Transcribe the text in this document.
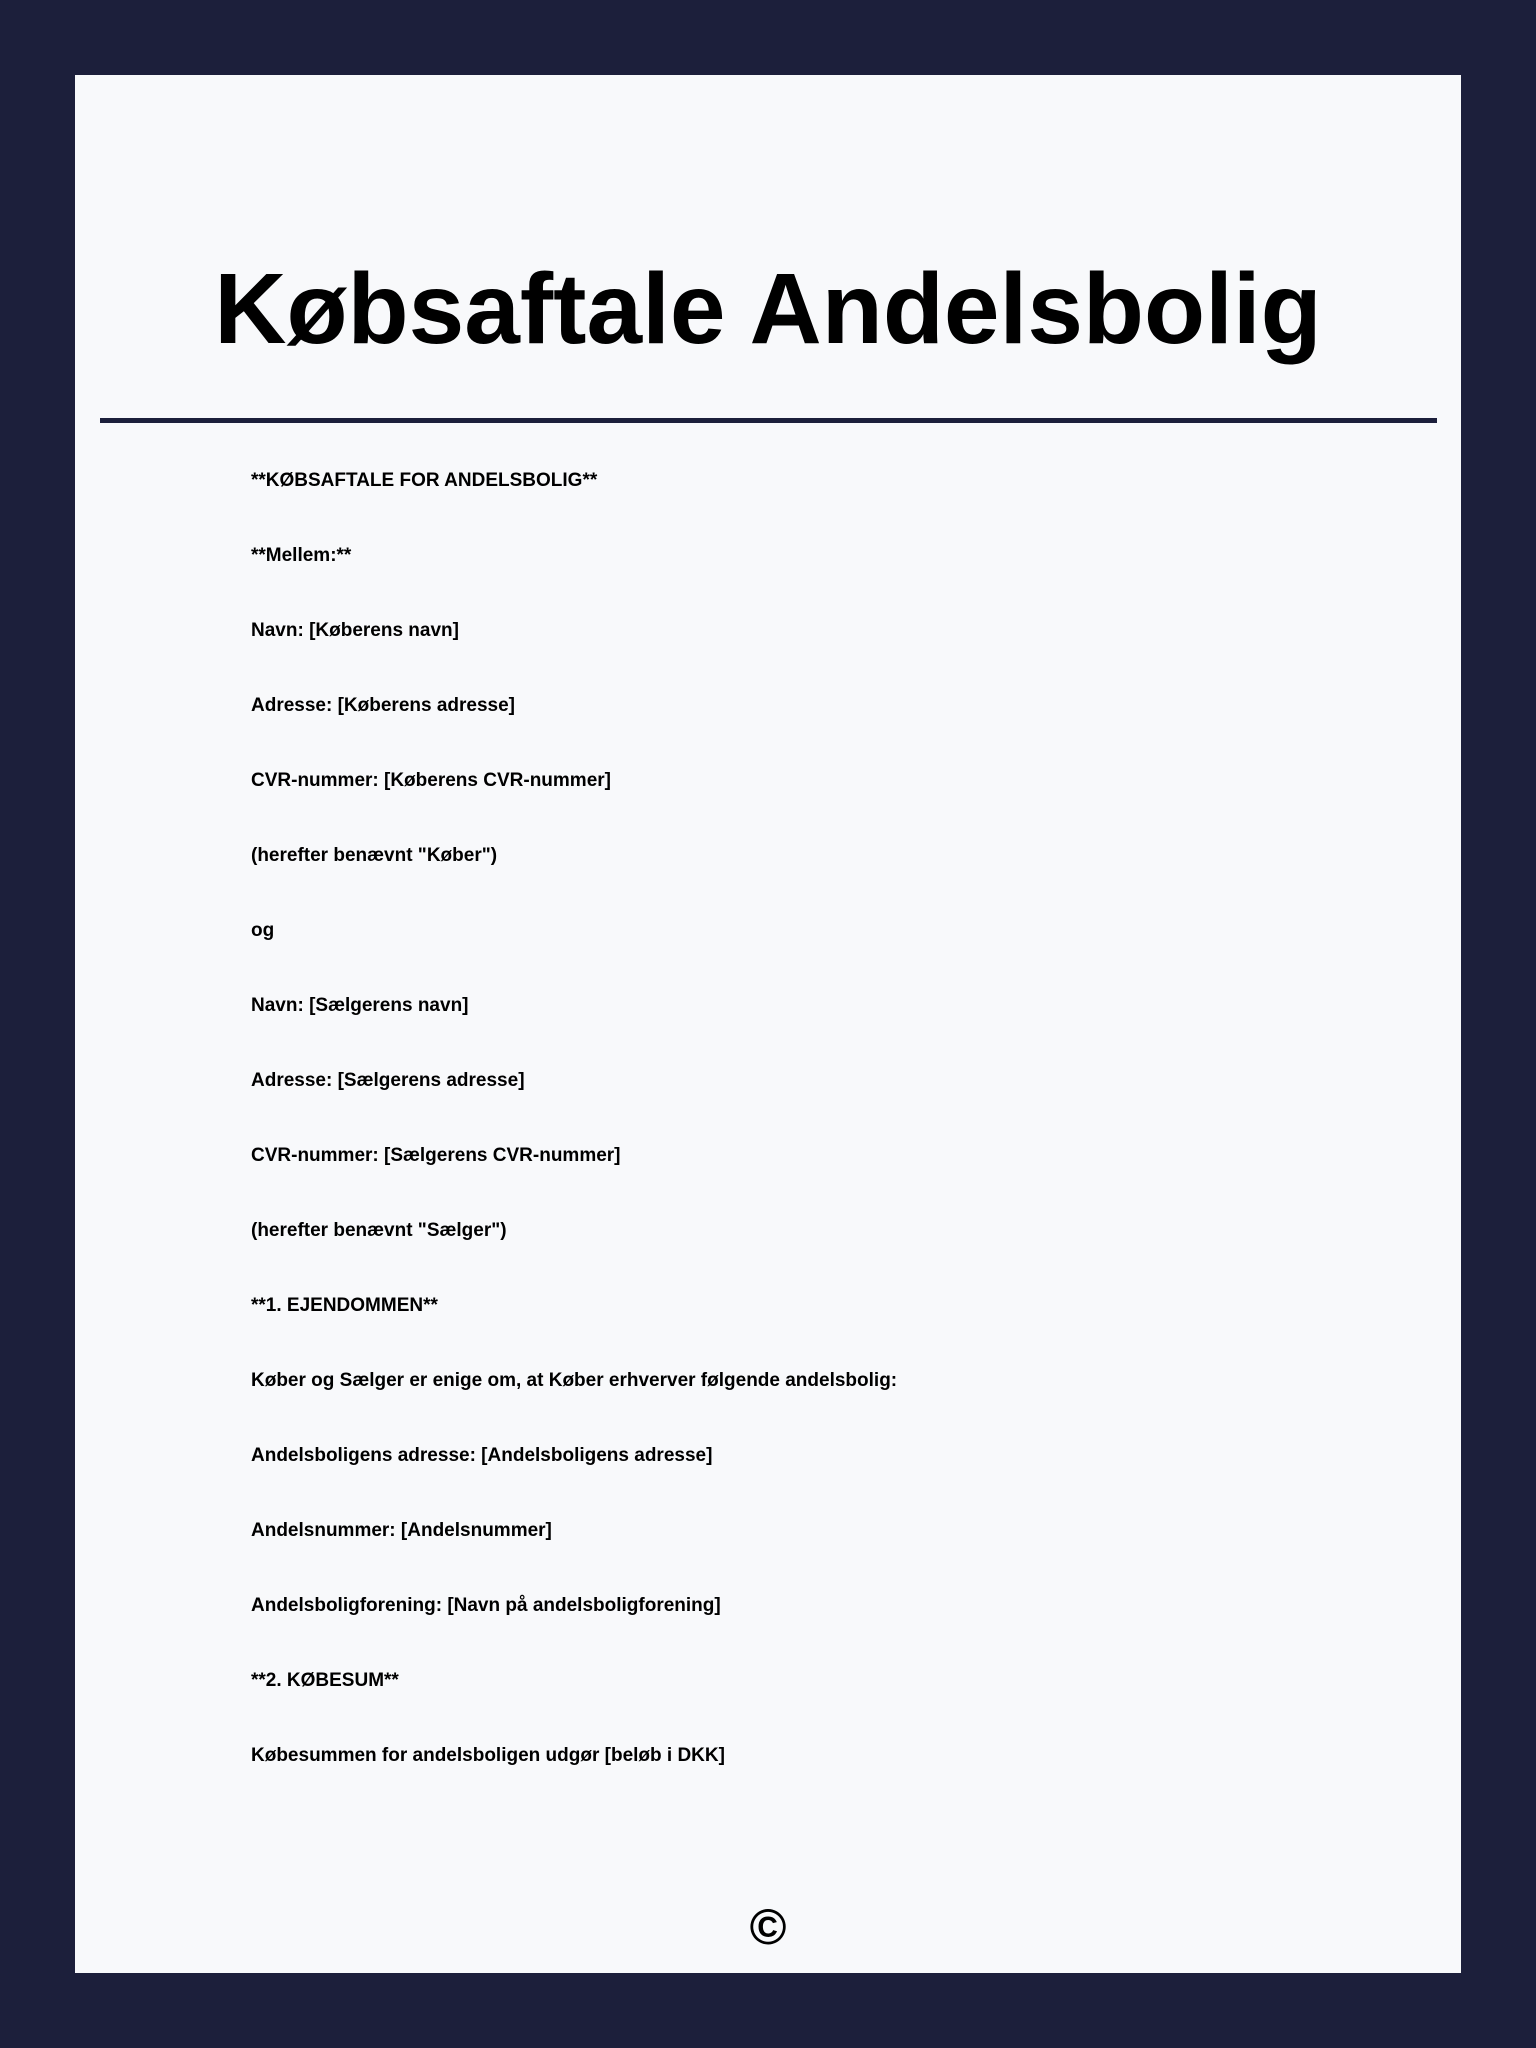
Købsaftale Andelsbolig

**KØBSAFTALE FOR ANDELSBOLIG**

**Mellem:**

Navn: [Køberens navn]

Adresse: [Køberens adresse]

CVR-nummer: [Køberens CVR-nummer]

(herefter benævnt "Køber")

og

Navn: [Sælgerens navn]

Adresse: [Sælgerens adresse]

CVR-nummer: [Sælgerens CVR-nummer]

(herefter benævnt "Sælger")

**1. EJENDOMMEN**

Køber og Sælger er enige om, at Køber erhverver følgende andelsbolig:

Andelsboligens adresse: [Andelsboligens adresse]

Andelsnummer: [Andelsnummer]

Andelsboligforening: [Navn på andelsboligforening]

**2. KØBESUM**

Købesummen for andelsboligen udgør [beløb i DKK]

©
